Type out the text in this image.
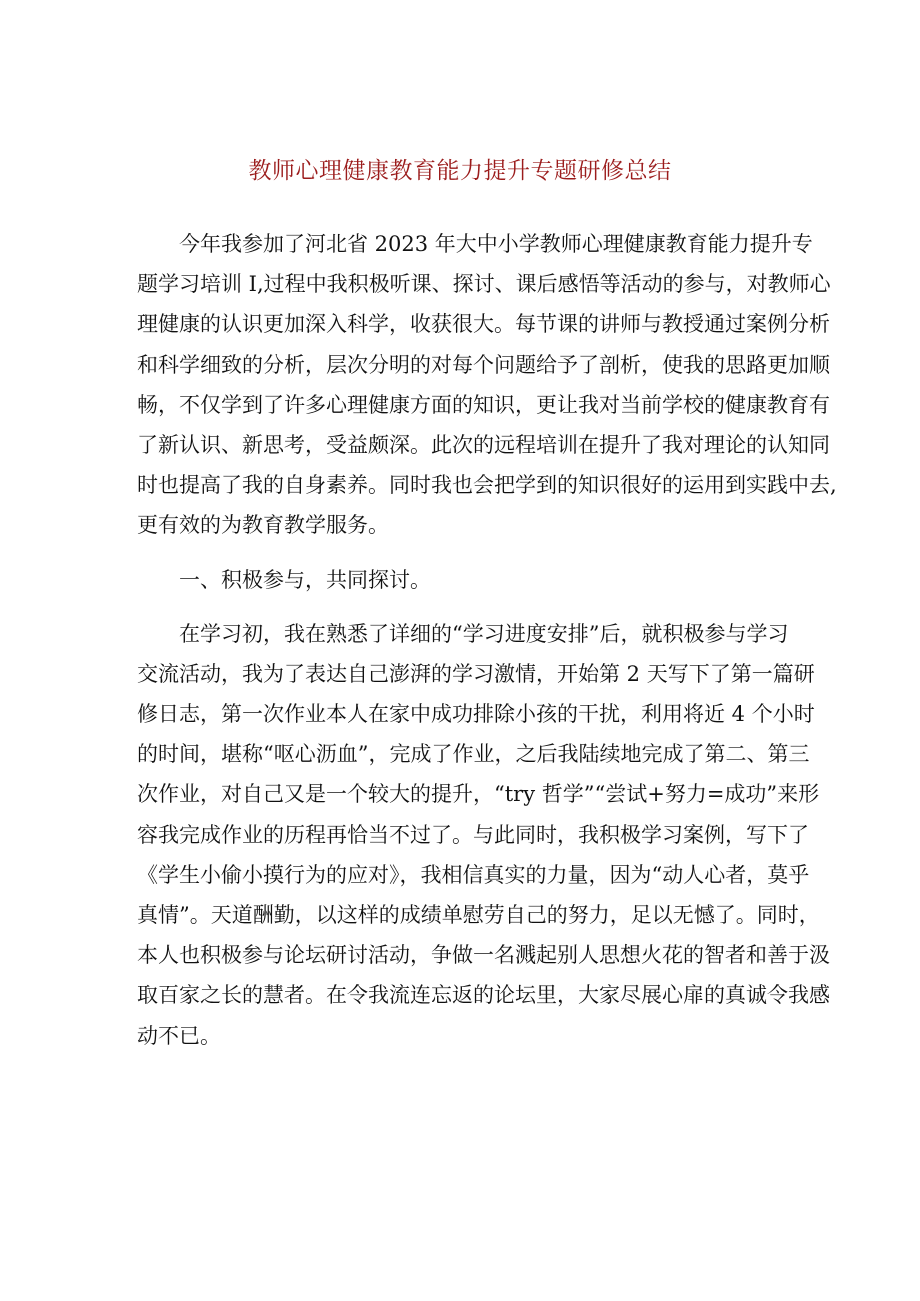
教师心理健康教育能力提升专题研修总结
今年我参加了河北省 2023 年大中小学教师心理健康教育能力提升专
题学习培训 I,过程中我积极听课、探讨、课后感悟等活动的参与，对教师心
理健康的认识更加深入科学，收获很大。每节课的讲师与教授通过案例分析
和科学细致的分析，层次分明的对每个问题给予了剖析，使我的思路更加顺
畅，不仅学到了许多心理健康方面的知识，更让我对当前学校的健康教育有
了新认识、新思考，受益颇深。此次的远程培训在提升了我对理论的认知同
时也提高了我的自身素养。同时我也会把学到的知识很好的运用到实践中去,
更有效的为教育教学服务。
一、积极参与，共同探讨。
在学习初，我在熟悉了详细的“学习进度安排”后，就积极参与学习
交流活动，我为了表达自己澎湃的学习激情，开始第 2 天写下了第一篇研
修日志，第一次作业本人在家中成功排除小孩的干扰，利用将近 4 个小时
的时间，堪称“呕心沥血”，完成了作业，之后我陆续地完成了第二、第三
次作业，对自己又是一个较大的提升，“try 哲学”“尝试+努力=成功”来形
容我完成作业的历程再恰当不过了。与此同时，我积极学习案例，写下了
《学生小偷小摸行为的应对》，我相信真实的力量，因为“动人心者，莫乎
真情”。天道酬勤，以这样的成绩单慰劳自己的努力，足以无憾了。同时，
本人也积极参与论坛研讨活动，争做一名溅起别人思想火花的智者和善于汲
取百家之长的慧者。在令我流连忘返的论坛里，大家尽展心扉的真诚令我感
动不已。
